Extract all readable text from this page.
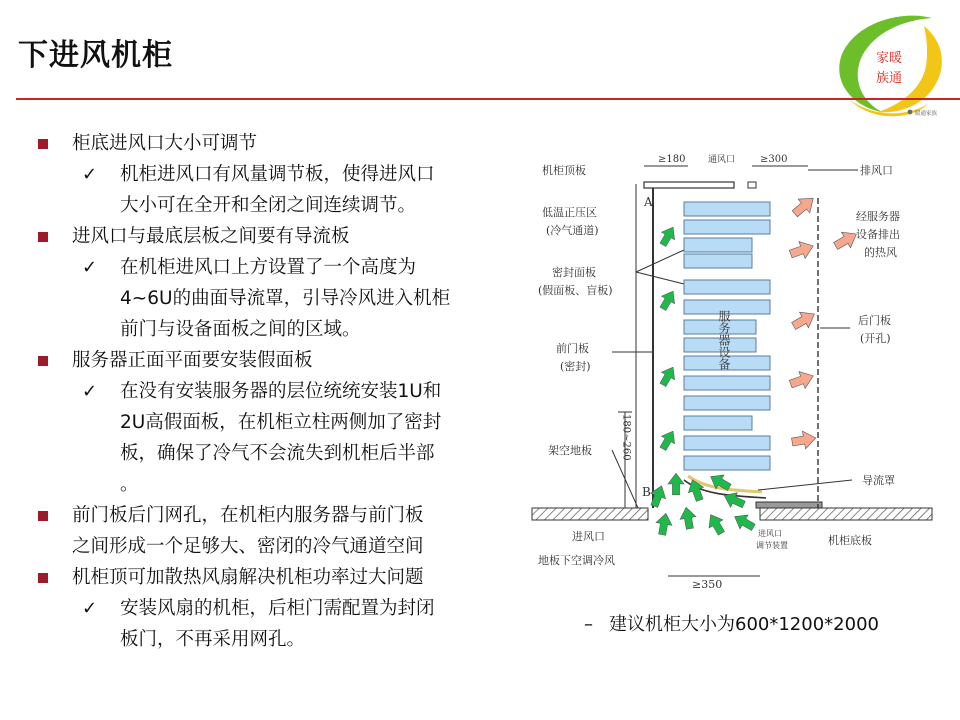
下进风机柜	家暖
族通
暖通家族
柜底进风口大小可调节
✓ 机柜进风口有风量调节板，使得进风口
大小可在全开和全闭之间连续调节。
进风口与最底层板之间要有导流板
✓ 在机柜进风口上方设置了一个高度为
4~6U的曲面导流罩，引导冷风进入机柜
前门与设备面板之间的区域。
服务器正面平面要安装假面板
✓ 在没有安装服务器的层位统统安装1U和
2U高假面板，在机柜立柱两侧加了密封
板，确保了冷气不会流失到机柜后半部
。
前门板后门网孔，在机柜内服务器与前门板
之间形成一个足够大、密闭的冷气通道空间
机柜顶可加散热风扇解决机柜功率过大问题
✓ 安装风扇的机柜，后柜门需配置为封闭
板门，不再采用网孔。
机柜顶板
≥180	通风口 ≥300
排风口
低温正压区
(冷气通道)
A
经服务器
设备排出
的热风
密封面板
(假面板、盲板)
服务器设备	后门板
(开孔)
前门板
(密封)
架空地板	180~260
导流罩
B
进风口	进风口
调节装置	机柜底板
地板下空调冷风
≥350
– 建议机柜大小为600*1200*2000
